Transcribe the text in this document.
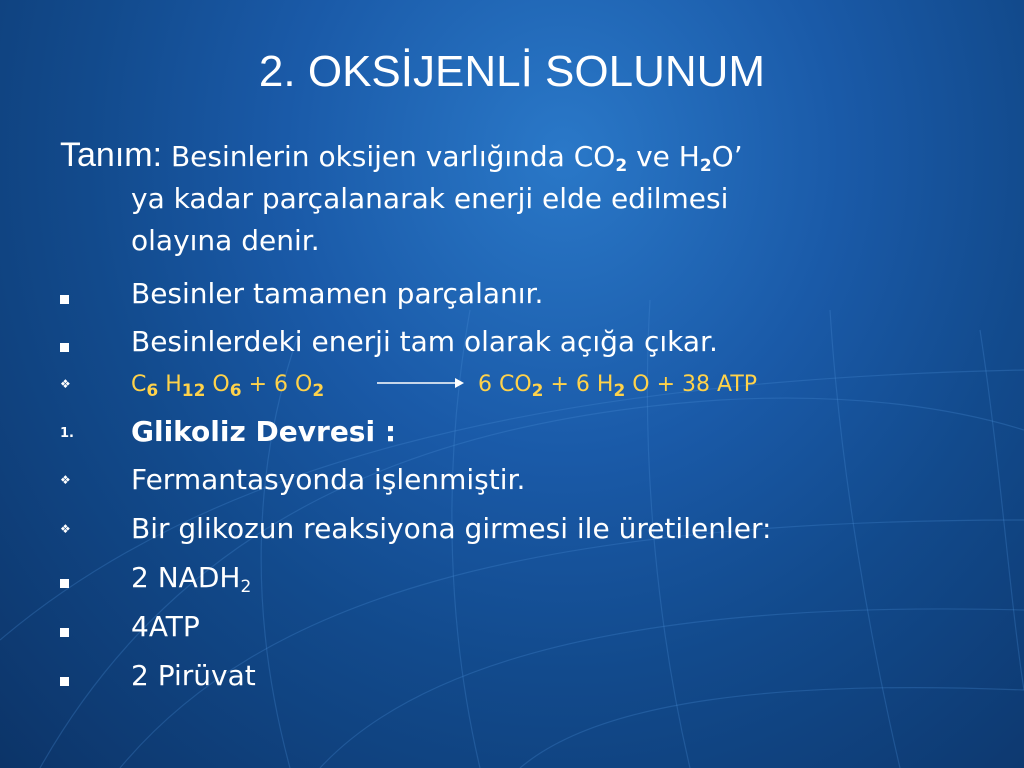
2. OKSİJENLİ SOLUNUM
Tanım: Besinlerin oksijen varlığında $CO_2$ ve $H_2O$’
ya kadar parçalanarak enerji elde edilmesi
olayına denir.
Besinler tamamen parçalanır.
Besinlerdeki enerji tam olarak açığa çıkar.
❖	$C_6$ $H_{12}$ $O_6 + 6$ $O_2$	6 $CO_2 + 6$ $H_2$ O + 38 ATP
1.	Glikoliz Devresi :
❖	Fermantasyonda işlenmiştir.
❖	Bir glikozun reaksiyona girmesi ile üretilenler:
2 $NADH_2$
4ATP
2 Pirüvat
